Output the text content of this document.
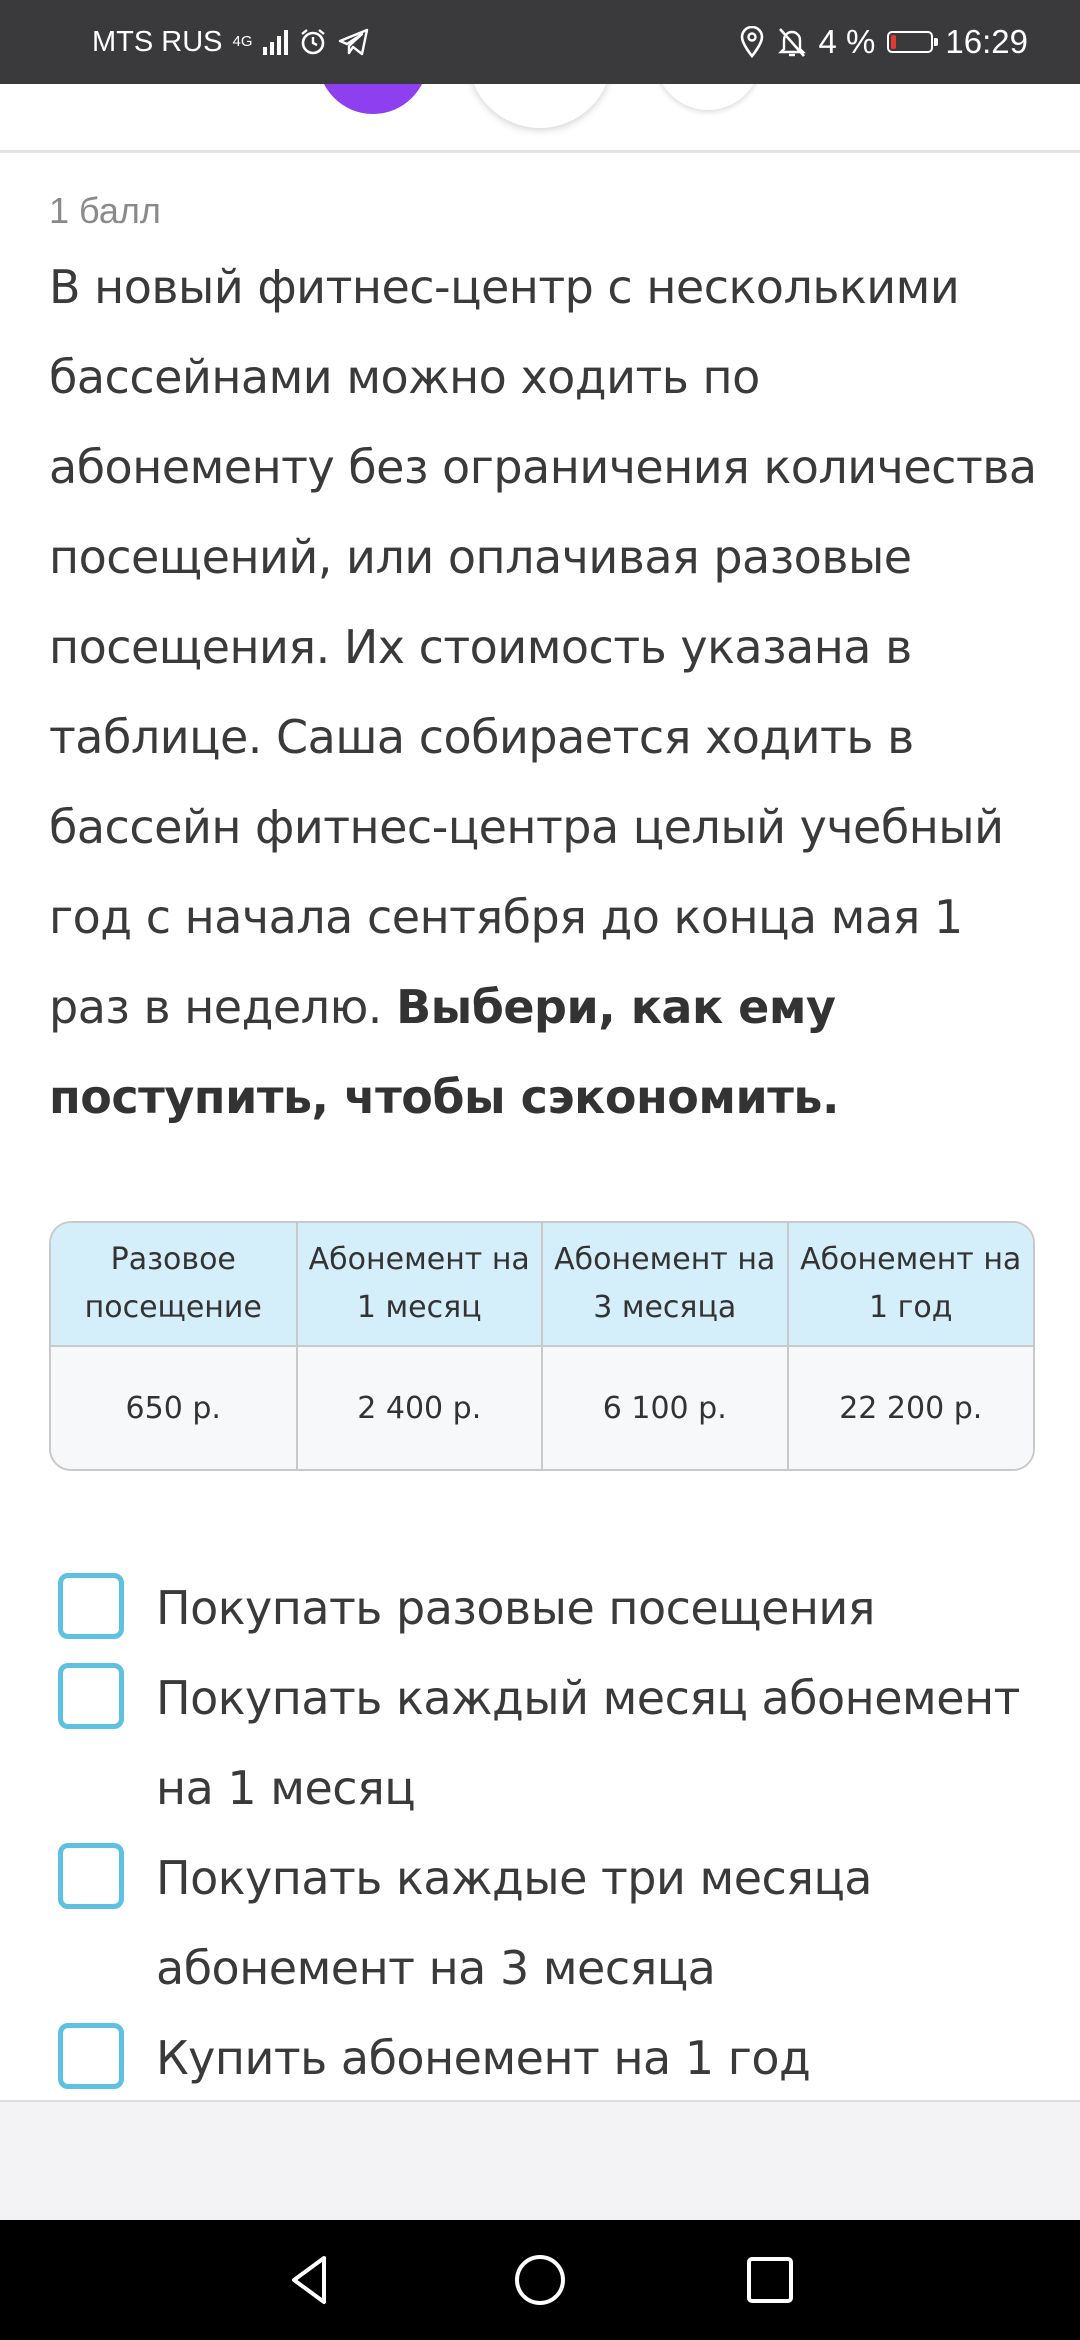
MTS RUS 4G	4 % 16:29
1 балл
В новый фитнес-центр с несколькими бассейнами можно ходить по абонементу без ограничения количества посещений, или оплачивая разовые посещения. Их стоимость указана в таблице. Саша собирается ходить в бассейн фитнес-центра целый учебный год с начала сентября до конца мая 1 раз в неделю. Выбери, как ему поступить, чтобы сэкономить.
Разовое посещение	Абонемент на 1 месяц	Абонемент на 3 месяца	Абонемент на 1 год
650 р.	2 400 р.	6 100 р.	22 200 р.
Покупать разовые посещения
Покупать каждый месяц абонемент на 1 месяц
Покупать каждые три месяца абонемент на 3 месяца
Купить абонемент на 1 год
